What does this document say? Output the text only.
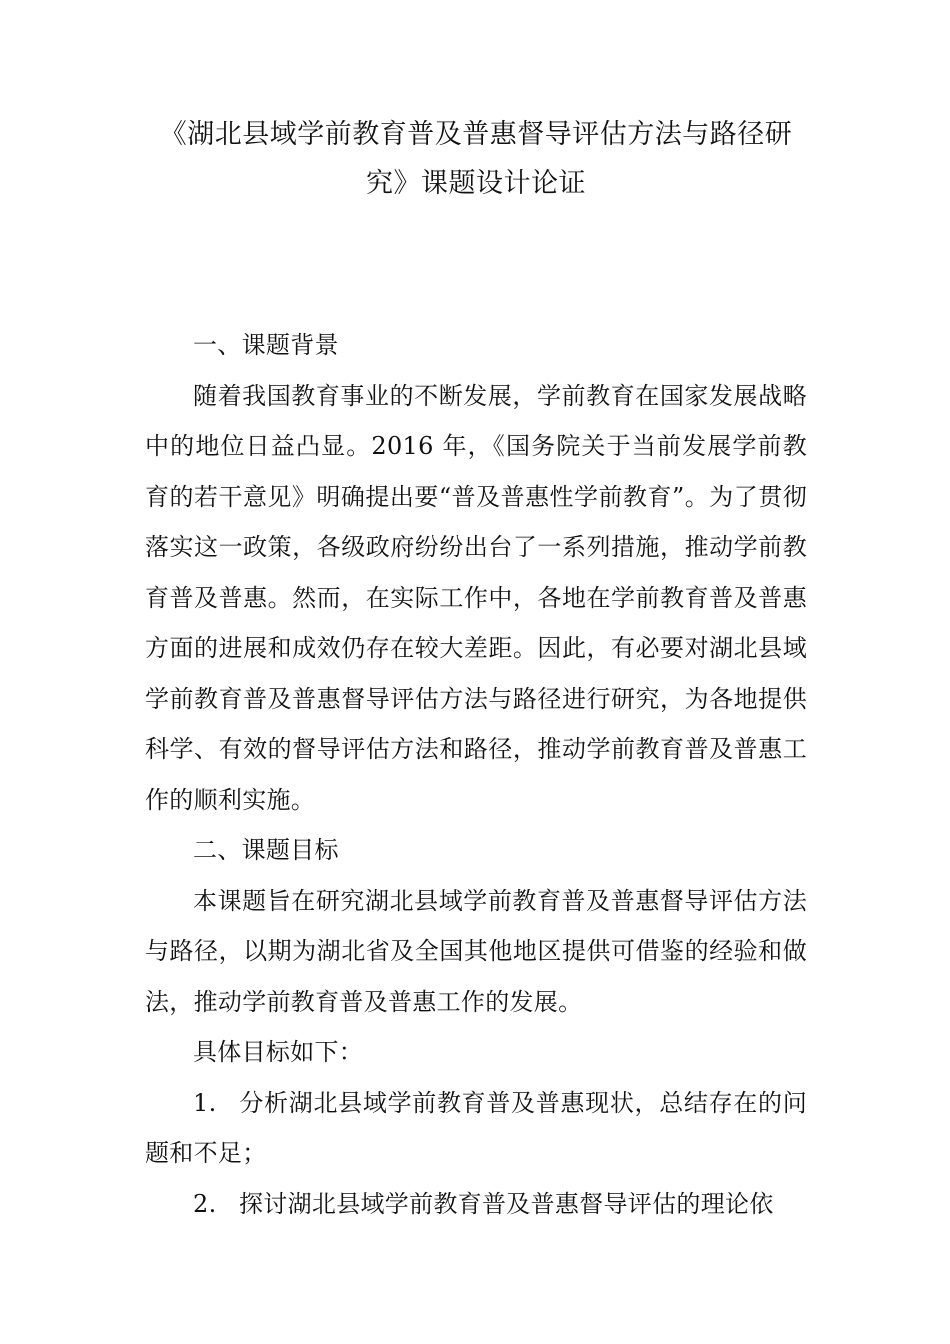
《湖北县域学前教育普及普惠督导评估方法与路径研究》课题设计论证

一、课题背景

随着我国教育事业的不断发展，学前教育在国家发展战略中的地位日益凸显。2016 年，《国务院关于当前发展学前教育的若干意见》明确提出要“普及普惠性学前教育”。为了贯彻落实这一政策，各级政府纷纷出台了一系列措施，推动学前教育普及普惠。然而，在实际工作中，各地在学前教育普及普惠方面的进展和成效仍存在较大差距。因此，有必要对湖北县域学前教育普及普惠督导评估方法与路径进行研究，为各地提供科学、有效的督导评估方法和路径，推动学前教育普及普惠工作的顺利实施。

二、课题目标

本课题旨在研究湖北县域学前教育普及普惠督导评估方法与路径，以期为湖北省及全国其他地区提供可借鉴的经验和做法，推动学前教育普及普惠工作的发展。

具体目标如下：

1. 分析湖北县域学前教育普及普惠现状，总结存在的问题和不足；

2. 探讨湖北县域学前教育普及普惠督导评估的理论依
